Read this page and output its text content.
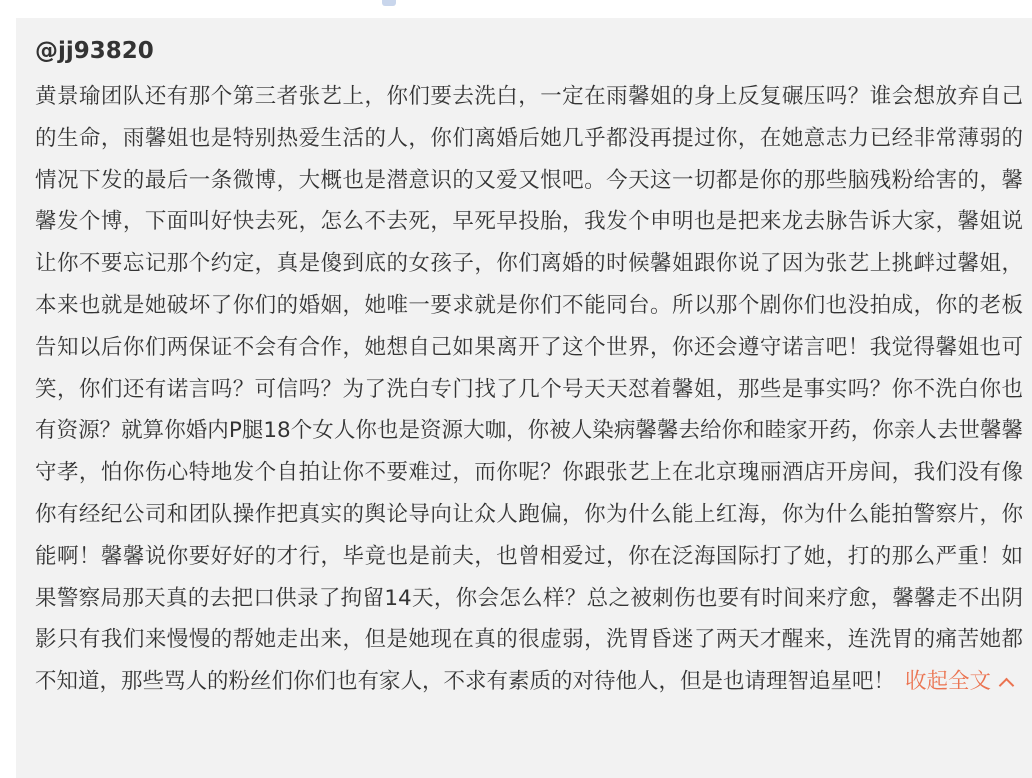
@jj93820

黄景瑜团队还有那个第三者张艺上，你们要去洗白，一定在雨馨姐的身上反复碾压吗？谁会想放弃自己的生命，雨馨姐也是特别热爱生活的人，你们离婚后她几乎都没再提过你，在她意志力已经非常薄弱的情况下发的最后一条微博，大概也是潜意识的又爱又恨吧。今天这一切都是你的那些脑残粉给害的，馨馨发个博，下面叫好快去死，怎么不去死，早死早投胎，我发个申明也是把来龙去脉告诉大家，馨姐说让你不要忘记那个约定，真是傻到底的女孩子，你们离婚的时候馨姐跟你说了因为张艺上挑衅过馨姐，本来也就是她破坏了你们的婚姻，她唯一要求就是你们不能同台。所以那个剧你们也没拍成，你的老板告知以后你们两保证不会有合作，她想自己如果离开了这个世界，你还会遵守诺言吧！我觉得馨姐也可笑，你们还有诺言吗？可信吗？为了洗白专门找了几个号天天怼着馨姐，那些是事实吗？你不洗白你也有资源？就算你婚内P腿18个女人你也是资源大咖，你被人染病馨馨去给你和睦家开药，你亲人去世馨馨守孝，怕你伤心特地发个自拍让你不要难过，而你呢？你跟张艺上在北京瑰丽酒店开房间，我们没有像你有经纪公司和团队操作把真实的舆论导向让众人跑偏，你为什么能上红海，你为什么能拍警察片，你能啊！馨馨说你要好好的才行，毕竟也是前夫，也曾相爱过，你在泛海国际打了她，打的那么严重！如果警察局那天真的去把口供录了拘留14天，你会怎么样？总之被刺伤也要有时间来疗愈，馨馨走不出阴影只有我们来慢慢的帮她走出来，但是她现在真的很虚弱，洗胃昏迷了两天才醒来，连洗胃的痛苦她都不知道，那些骂人的粉丝们你们也有家人，不求有素质的对待他人，但是也请理智追星吧！ 收起全文
